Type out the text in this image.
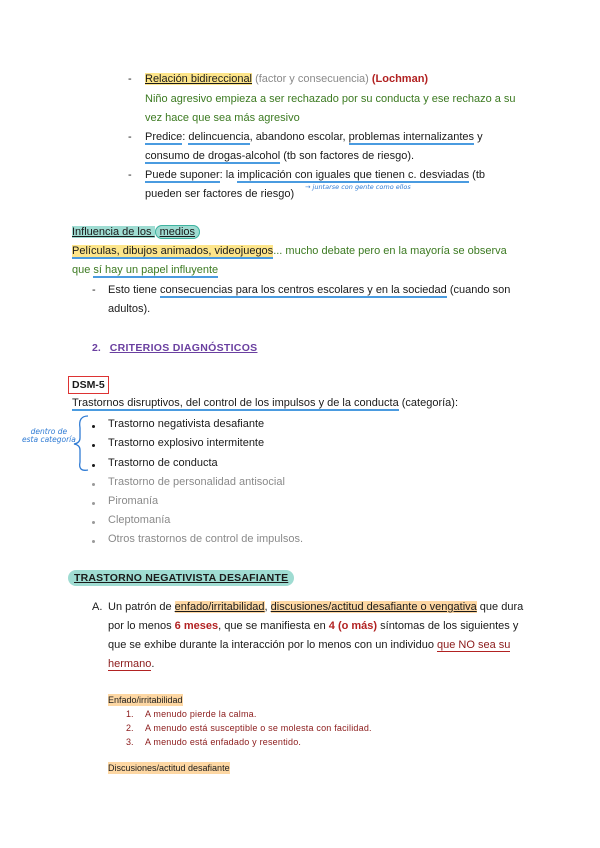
- Relación bidireccional (factor y consecuencia) (Lochman)
Niño agresivo empieza a ser rechazado por su conducta y ese rechazo a su
vez hace que sea más agresivo
- Predice: delincuencia, abandono escolar, problemas internalizantes y
consumo de drogas-alcohol (tb son factores de riesgo).
- Puede suponer: la implicación con iguales que tienen c. desviadas (tb
pueden ser factores de riesgo)
→ juntarse con gente como ellos
Influencia de los medios
Películas, dibujos animados, videojuegos... mucho debate pero en la mayoría se observa
que sí hay un papel influyente
- Esto tiene consecuencias para los centros escolares y en la sociedad (cuando son
adultos).
2. CRITERIOS DIAGNÓSTICOS
DSM-5
Trastornos disruptivos, del control de los impulsos y de la conducta (categoría):
dentro de
esta categoría
Trastorno negativista desafiante
Trastorno explosivo intermitente
Trastorno de conducta
Trastorno de personalidad antisocial
Piromanía
Cleptomanía
Otros trastornos de control de impulsos.
TRASTORNO NEGATIVISTA DESAFIANTE
A. Un patrón de enfado/irritabilidad, discusiones/actitud desafiante o vengativa que dura
por lo menos 6 meses, que se manifiesta en 4 (o más) síntomas de los siguientes y
que se exhibe durante la interacción por lo menos con un individuo que NO sea su
hermano.
Enfado/irritabilidad
1. A menudo pierde la calma.
2. A menudo está susceptible o se molesta con facilidad.
3. A menudo está enfadado y resentido.
Discusiones/actitud desafiante
